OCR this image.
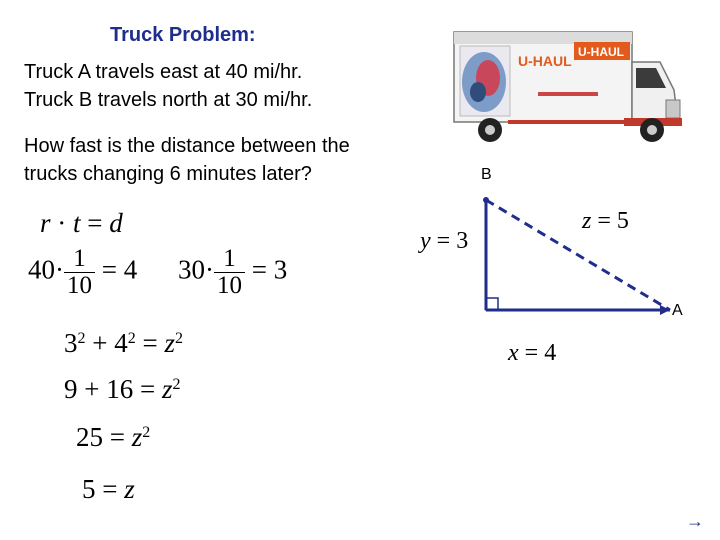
Truck Problem:
Truck A travels east at 40 mi/hr.
Truck B travels north at 30 mi/hr.
How fast is the distance between the
trucks changing 6 minutes later?
U-HAUL
U-HAUL
r · t = d
$40\cdot \frac{1}{10} = 4$ $30\cdot \frac{1}{10} = 3$
$3^2 + 4^2 = z^2$
$9 + 16 = z^2$
$25 = z^2$
5 = z
B
A
y = 3
z = 5
x = 4
→
